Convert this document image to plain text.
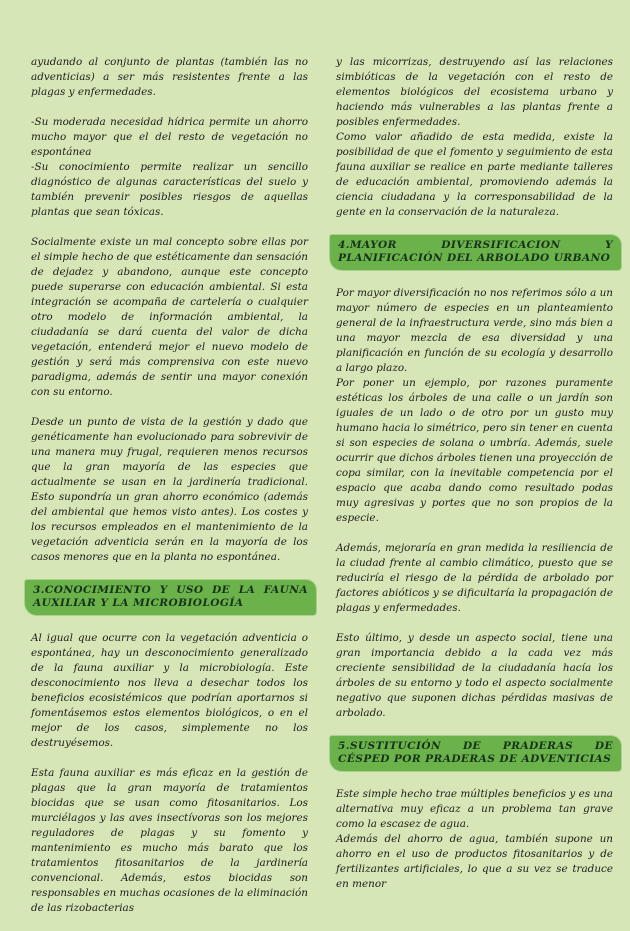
ayudando al conjunto de plantas (también las no adventicias) a ser más resistentes frente a las plagas y enfermedades.

-Su moderada necesidad hídrica permite un ahorro mucho mayor que el del resto de vegetación no espontánea

-Su conocimiento permite realizar un sencillo diagnóstico de algunas características del suelo y también prevenir posibles riesgos de aquellas plantas que sean tóxicas.

Socialmente existe un mal concepto sobre ellas por el simple hecho de que estéticamente dan sensación de dejadez y abandono, aunque este concepto puede superarse con educación ambiental. Si esta integración se acompaña de cartelería o cualquier otro modelo de información ambiental, la ciudadanía se dará cuenta del valor de dicha vegetación, entenderá mejor el nuevo modelo de gestión y será más comprensiva con este nuevo paradigma, además de sentir una mayor conexión con su entorno.

Desde un punto de vista de la gestión y dado que genéticamente han evolucionado para sobrevivir de una manera muy frugal, requieren menos recursos que la gran mayoría de las especies que actualmente se usan en la jardinería tradicional. Esto supondría un gran ahorro económico (además del ambiental que hemos visto antes). Los costes y los recursos empleados en el mantenimiento de la vegetación adventicia serán en la mayoría de los casos menores que en la planta no espontánea.

3.CONOCIMIENTO Y USO DE LA FAUNA AUXILIAR Y LA MICROBIOLOGÍA

Al igual que ocurre con la vegetación adventicia o espontánea, hay un desconocimiento generalizado de la fauna auxiliar y la microbiología. Este desconocimiento nos lleva a desechar todos los beneficios ecosistémicos que podrían aportarnos si fomentásemos estos elementos biológicos, o en el mejor de los casos, simplemente no los destruyésemos.

Esta fauna auxiliar es más eficaz en la gestión de plagas que la gran mayoría de tratamientos biocidas que se usan como fitosanitarios. Los murciélagos y las aves insectívoras son los mejores reguladores de plagas y su fomento y mantenimiento es mucho más barato que los tratamientos fitosanitarios de la jardinería convencional. Además, estos biocidas son responsables en muchas ocasiones de la eliminación de las rizobacterias

y las micorrizas, destruyendo así las relaciones simbióticas de la vegetación con el resto de elementos biológicos del ecosistema urbano y haciendo más vulnerables a las plantas frente a posibles enfermedades.

Como valor añadido de esta medida, existe la posibilidad de que el fomento y seguimiento de esta fauna auxiliar se realice en parte mediante talleres de educación ambiental, promoviendo además la ciencia ciudadana y la corresponsabilidad de la gente en la conservación de la naturaleza.

4.MAYOR DIVERSIFICACION Y PLANIFICACIÓN DEL ARBOLADO URBANO

Por mayor diversificación no nos referimos sólo a un mayor número de especies en un planteamiento general de la infraestructura verde, sino más bien a una mayor mezcla de esa diversidad y una planificación en función de su ecología y desarrollo a largo plazo.

Por poner un ejemplo, por razones puramente estéticas los árboles de una calle o un jardín son iguales de un lado o de otro por un gusto muy humano hacia lo simétrico, pero sin tener en cuenta si son especies de solana o umbría. Además, suele ocurrir que dichos árboles tienen una proyección de copa similar, con la inevitable competencia por el espacio que acaba dando como resultado podas muy agresivas y portes que no son propios de la especie.

Además, mejoraría en gran medida la resiliencia de la ciudad frente al cambio climático, puesto que se reduciría el riesgo de la pérdida de arbolado por factores abióticos y se dificultaría la propagación de plagas y enfermedades.

Esto último, y desde un aspecto social, tiene una gran importancia debido a la cada vez más creciente sensibilidad de la ciudadanía hacía los árboles de su entorno y todo el aspecto socialmente negativo que suponen dichas pérdidas masivas de arbolado.

5.SUSTITUCIÓN DE PRADERAS DE CÉSPED POR PRADERAS DE ADVENTICIAS

Este simple hecho trae múltiples beneficios y es una alternativa muy eficaz a un problema tan grave como la escasez de agua.

Además del ahorro de agua, también supone un ahorro en el uso de productos fitosanitarios y de fertilizantes artificiales, lo que a su vez se traduce en menor
